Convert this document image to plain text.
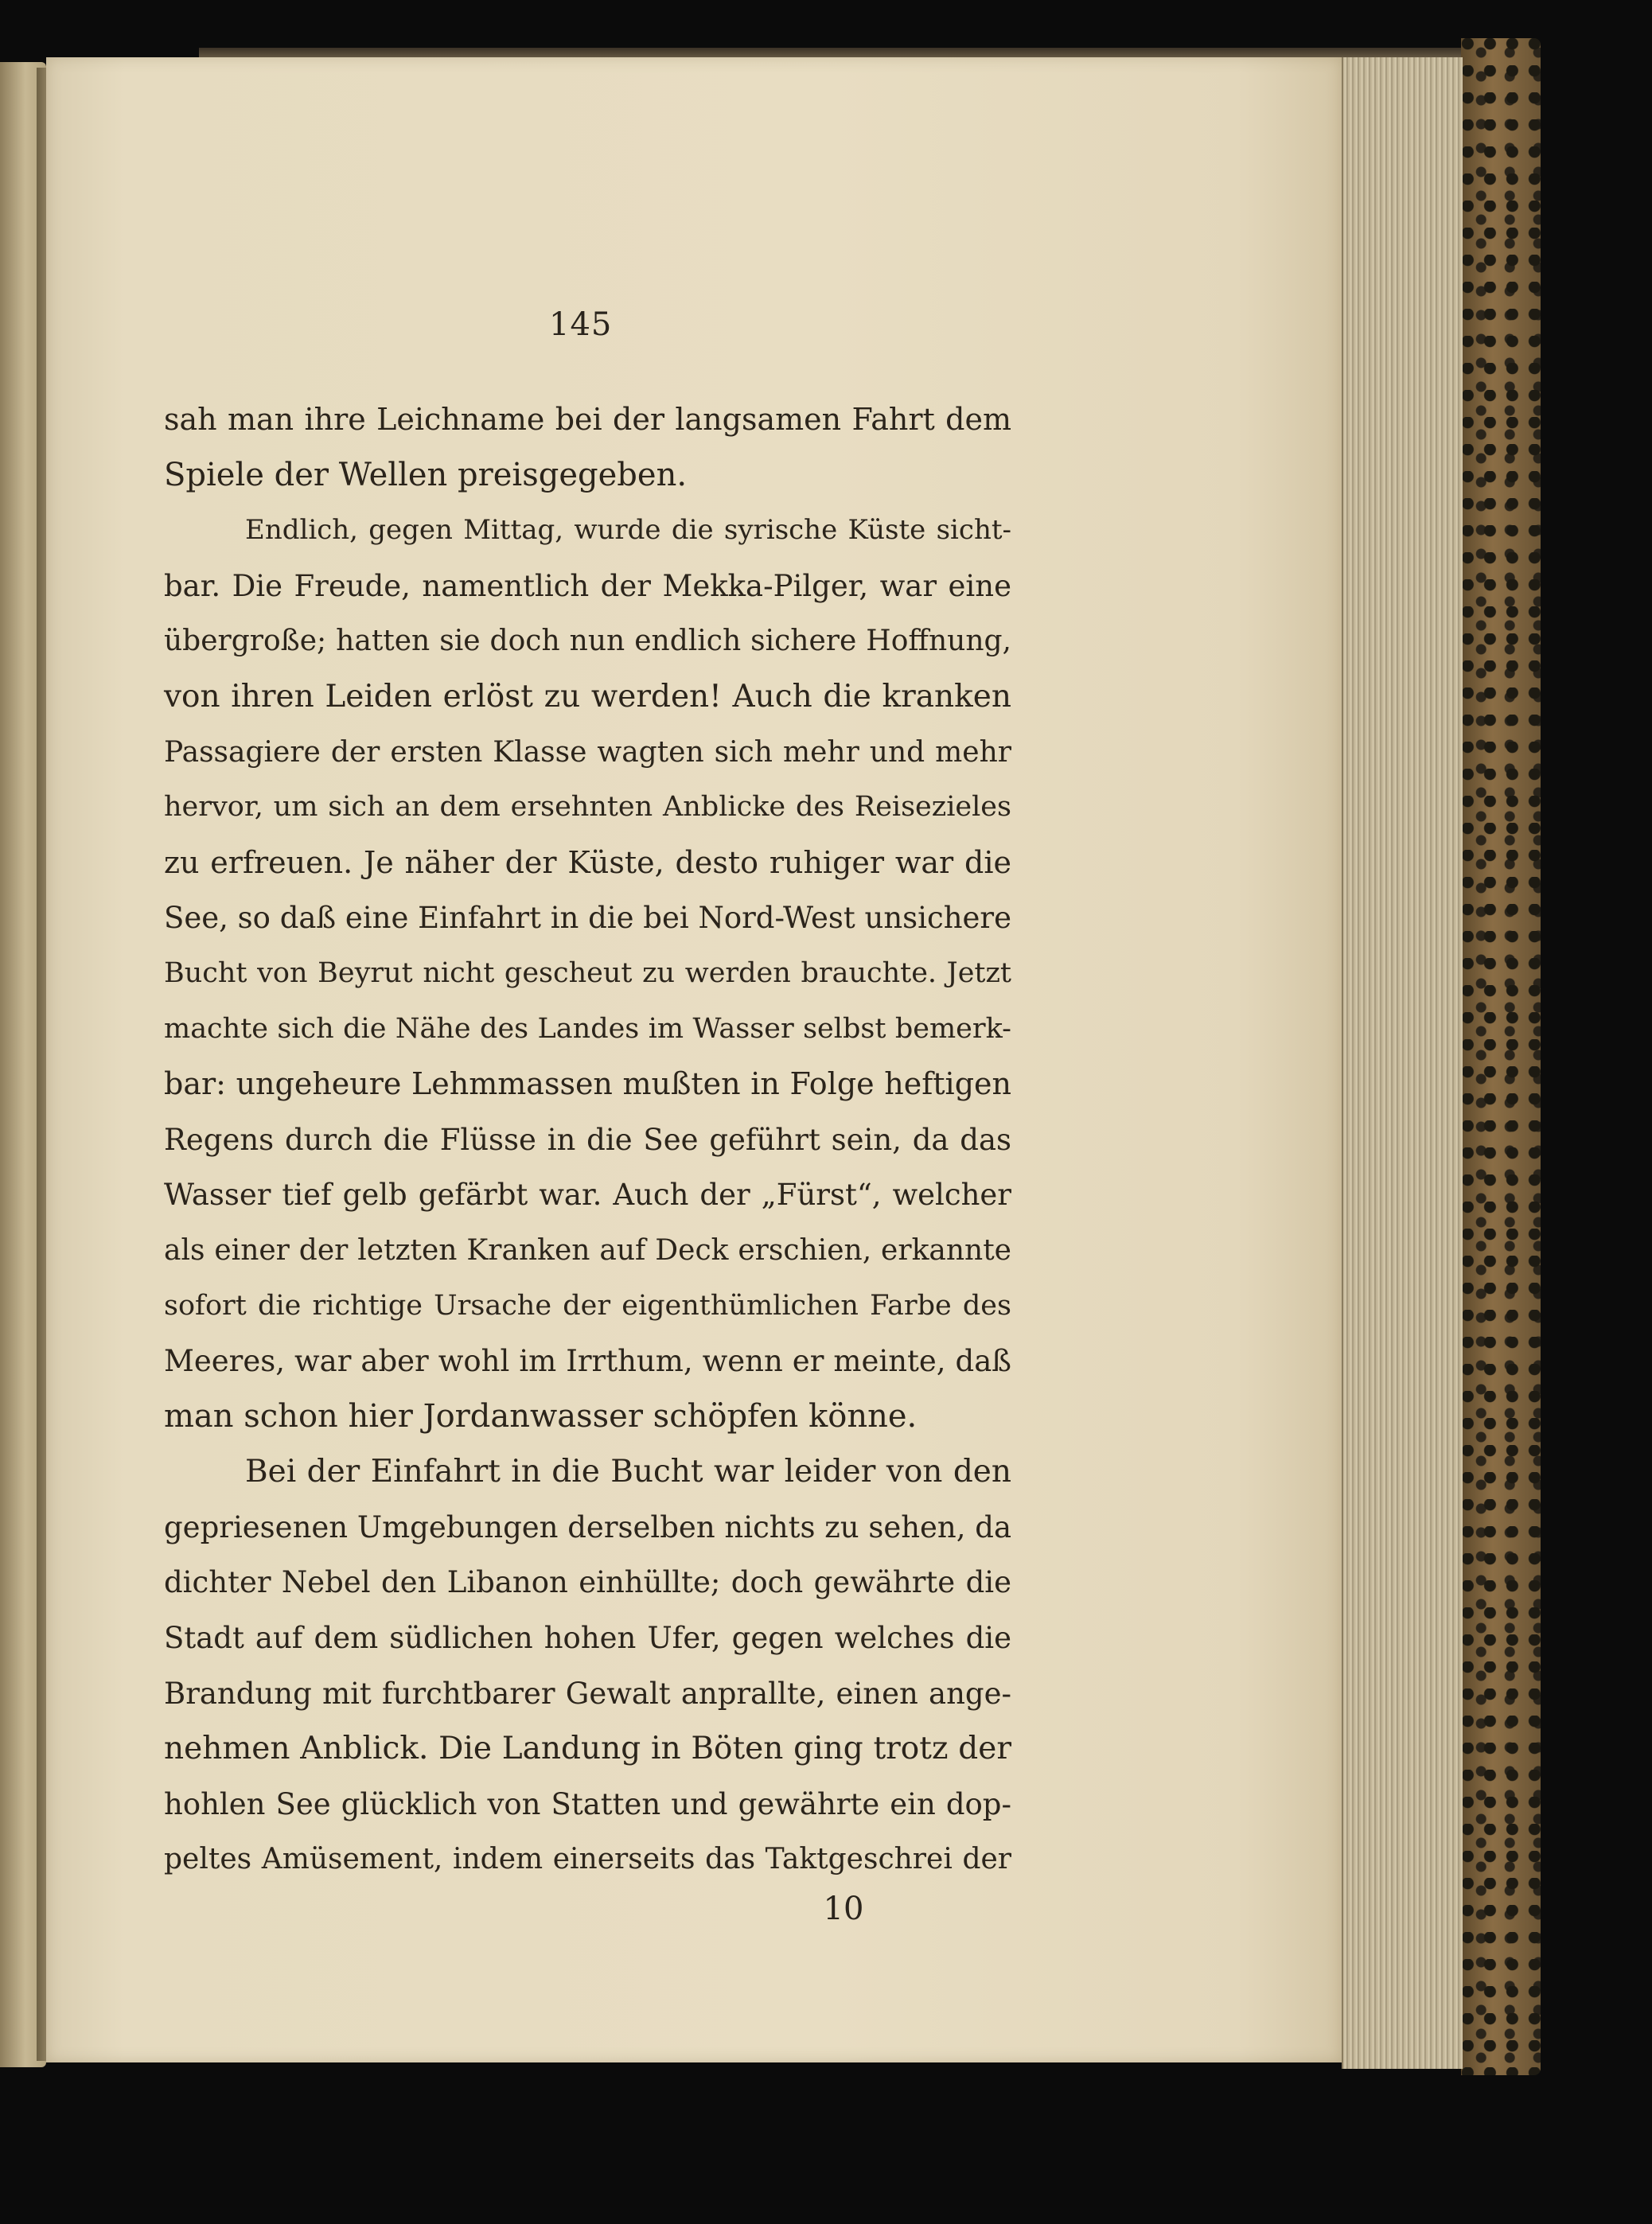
145
sah man ihre Leichname bei der langsamen Fahrt dem
Spiele der Wellen preisgegeben.
Endlich, gegen Mittag, wurde die syrische Küste sicht-
bar. Die Freude, namentlich der Mekka-Pilger, war eine
übergroße; hatten sie doch nun endlich sichere Hoffnung,
von ihren Leiden erlöst zu werden! Auch die kranken
Passagiere der ersten Klasse wagten sich mehr und mehr
hervor, um sich an dem ersehnten Anblicke des Reisezieles
zu erfreuen. Je näher der Küste, desto ruhiger war die
See, so daß eine Einfahrt in die bei Nord-West unsichere
Bucht von Beyrut nicht gescheut zu werden brauchte. Jetzt
machte sich die Nähe des Landes im Wasser selbst bemerk-
bar: ungeheure Lehmmassen mußten in Folge heftigen
Regens durch die Flüsse in die See geführt sein, da das
Wasser tief gelb gefärbt war. Auch der „Fürst“, welcher
als einer der letzten Kranken auf Deck erschien, erkannte
sofort die richtige Ursache der eigenthümlichen Farbe des
Meeres, war aber wohl im Irrthum, wenn er meinte, daß
man schon hier Jordanwasser schöpfen könne.
Bei der Einfahrt in die Bucht war leider von den
gepriesenen Umgebungen derselben nichts zu sehen, da
dichter Nebel den Libanon einhüllte; doch gewährte die
Stadt auf dem südlichen hohen Ufer, gegen welches die
Brandung mit furchtbarer Gewalt anprallte, einen ange-
nehmen Anblick. Die Landung in Böten ging trotz der
hohlen See glücklich von Statten und gewährte ein dop-
peltes Amüsement, indem einerseits das Taktgeschrei der
10
